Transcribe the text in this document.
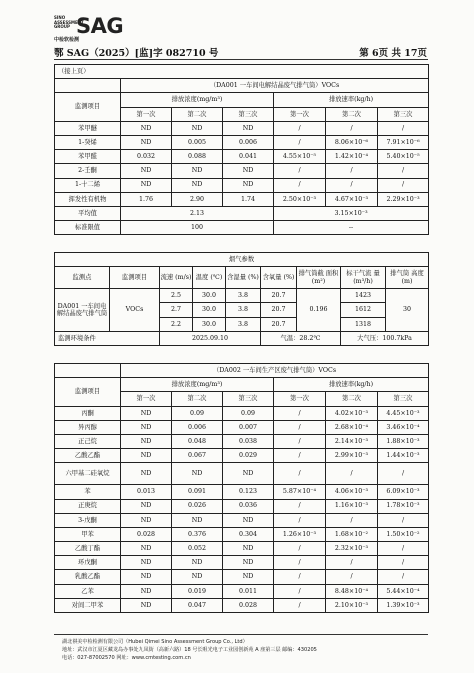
SINO
ASSESSMENT
GROUP SAG
中检软检测
鄂 SAG（2025）[监]字 082710 号	第 6页 共 17页
（接上页）						
	（DA001 一车间电解结晶废气排气筒）VOCs					
监测项目	排放浓度(mg/m³)			排放速率(kg/h)		
	第一次	第二次	第三次	第一次	第二次	第三次
苯甲醚	ND	ND	ND	/	/	/
1-癸烯	ND	0.005	0.006	/	8.06×10⁻⁶	7.91×10⁻⁶
苯甲醛	0.032	0.088	0.041	4.55×10⁻⁵	1.42×10⁻⁴	5.40×10⁻⁵
2-壬酮	ND	ND	ND	/	/	/
1-十二烯	ND	ND	ND	/	/	/
挥发性有机物	1.76	2.90	1.74	2.50×10⁻³	4.67×10⁻³	2.29×10⁻³
平均值	2.13			3.15×10⁻³		
标准限值	100			--		
烟气参数								
监测点	监测项目	流速 (m/s)	温度 (℃)	含湿量 (%)	含氧量 (%)	排气筒截 面积(m²)	标干气流 量(m³/h)	排气筒 高度(m)
DA001 一车间电解结晶废气排气筒	VOCs	2.5	30.0	3.8	20.7	0.196	1423	30
		2.7	30.0	3.8	20.7		1612	
		2.2	30.0	3.8	20.7		1318	
监测环境条件		2025.09.10			气温：28.2℃		大气压：100.7kPa	
	（DA002 一车间生产区废气排气筒）VOCs					
监测项目	排放浓度(mg/m³)			排放速率(kg/h)		
	第一次	第二次	第三次	第一次	第二次	第三次
丙酮	ND	0.09	0.09	/	4.02×10⁻³	4.45×10⁻³
异丙醇	ND	0.006	0.007	/	2.68×10⁻⁴	3.46×10⁻⁴
正己烷	ND	0.048	0.038	/	2.14×10⁻³	1.88×10⁻³
乙酸乙酯	ND	0.067	0.029	/	2.99×10⁻³	1.44×10⁻³
六甲基二硅氧烷	ND	ND	ND	/	/	/
苯	0.013	0.091	0.123	5.87×10⁻⁴	4.06×10⁻³	6.09×10⁻³
正庚烷	ND	0.026	0.036	/	1.16×10⁻³	1.78×10⁻³
3-戊酮	ND	ND	ND	/	/	/
甲苯	0.028	0.376	0.304	1.26×10⁻³	1.68×10⁻²	1.50×10⁻²
乙酸丁酯	ND	0.052	ND	/	2.32×10⁻³	/
环戊酮	ND	ND	ND	/	/	/
乳酸乙酯	ND	ND	ND	/	/	/
乙苯	ND	0.019	0.011	/	8.48×10⁻⁴	5.44×10⁻⁴
对间二甲苯	ND	0.047	0.028	/	2.10×10⁻³	1.39×10⁻³
湖北祺美中检检测有限公司（Hubei Qimei Sino Assessment Group Co., Ltd）
地址：武汉市江夏区藏龙岛办事处九凤街（高新六路）18 号长咀光电子工业园创新苑 A 座第三层 邮编：430205
电话：027-87002570 网址：www.cmtesting.com.cn
